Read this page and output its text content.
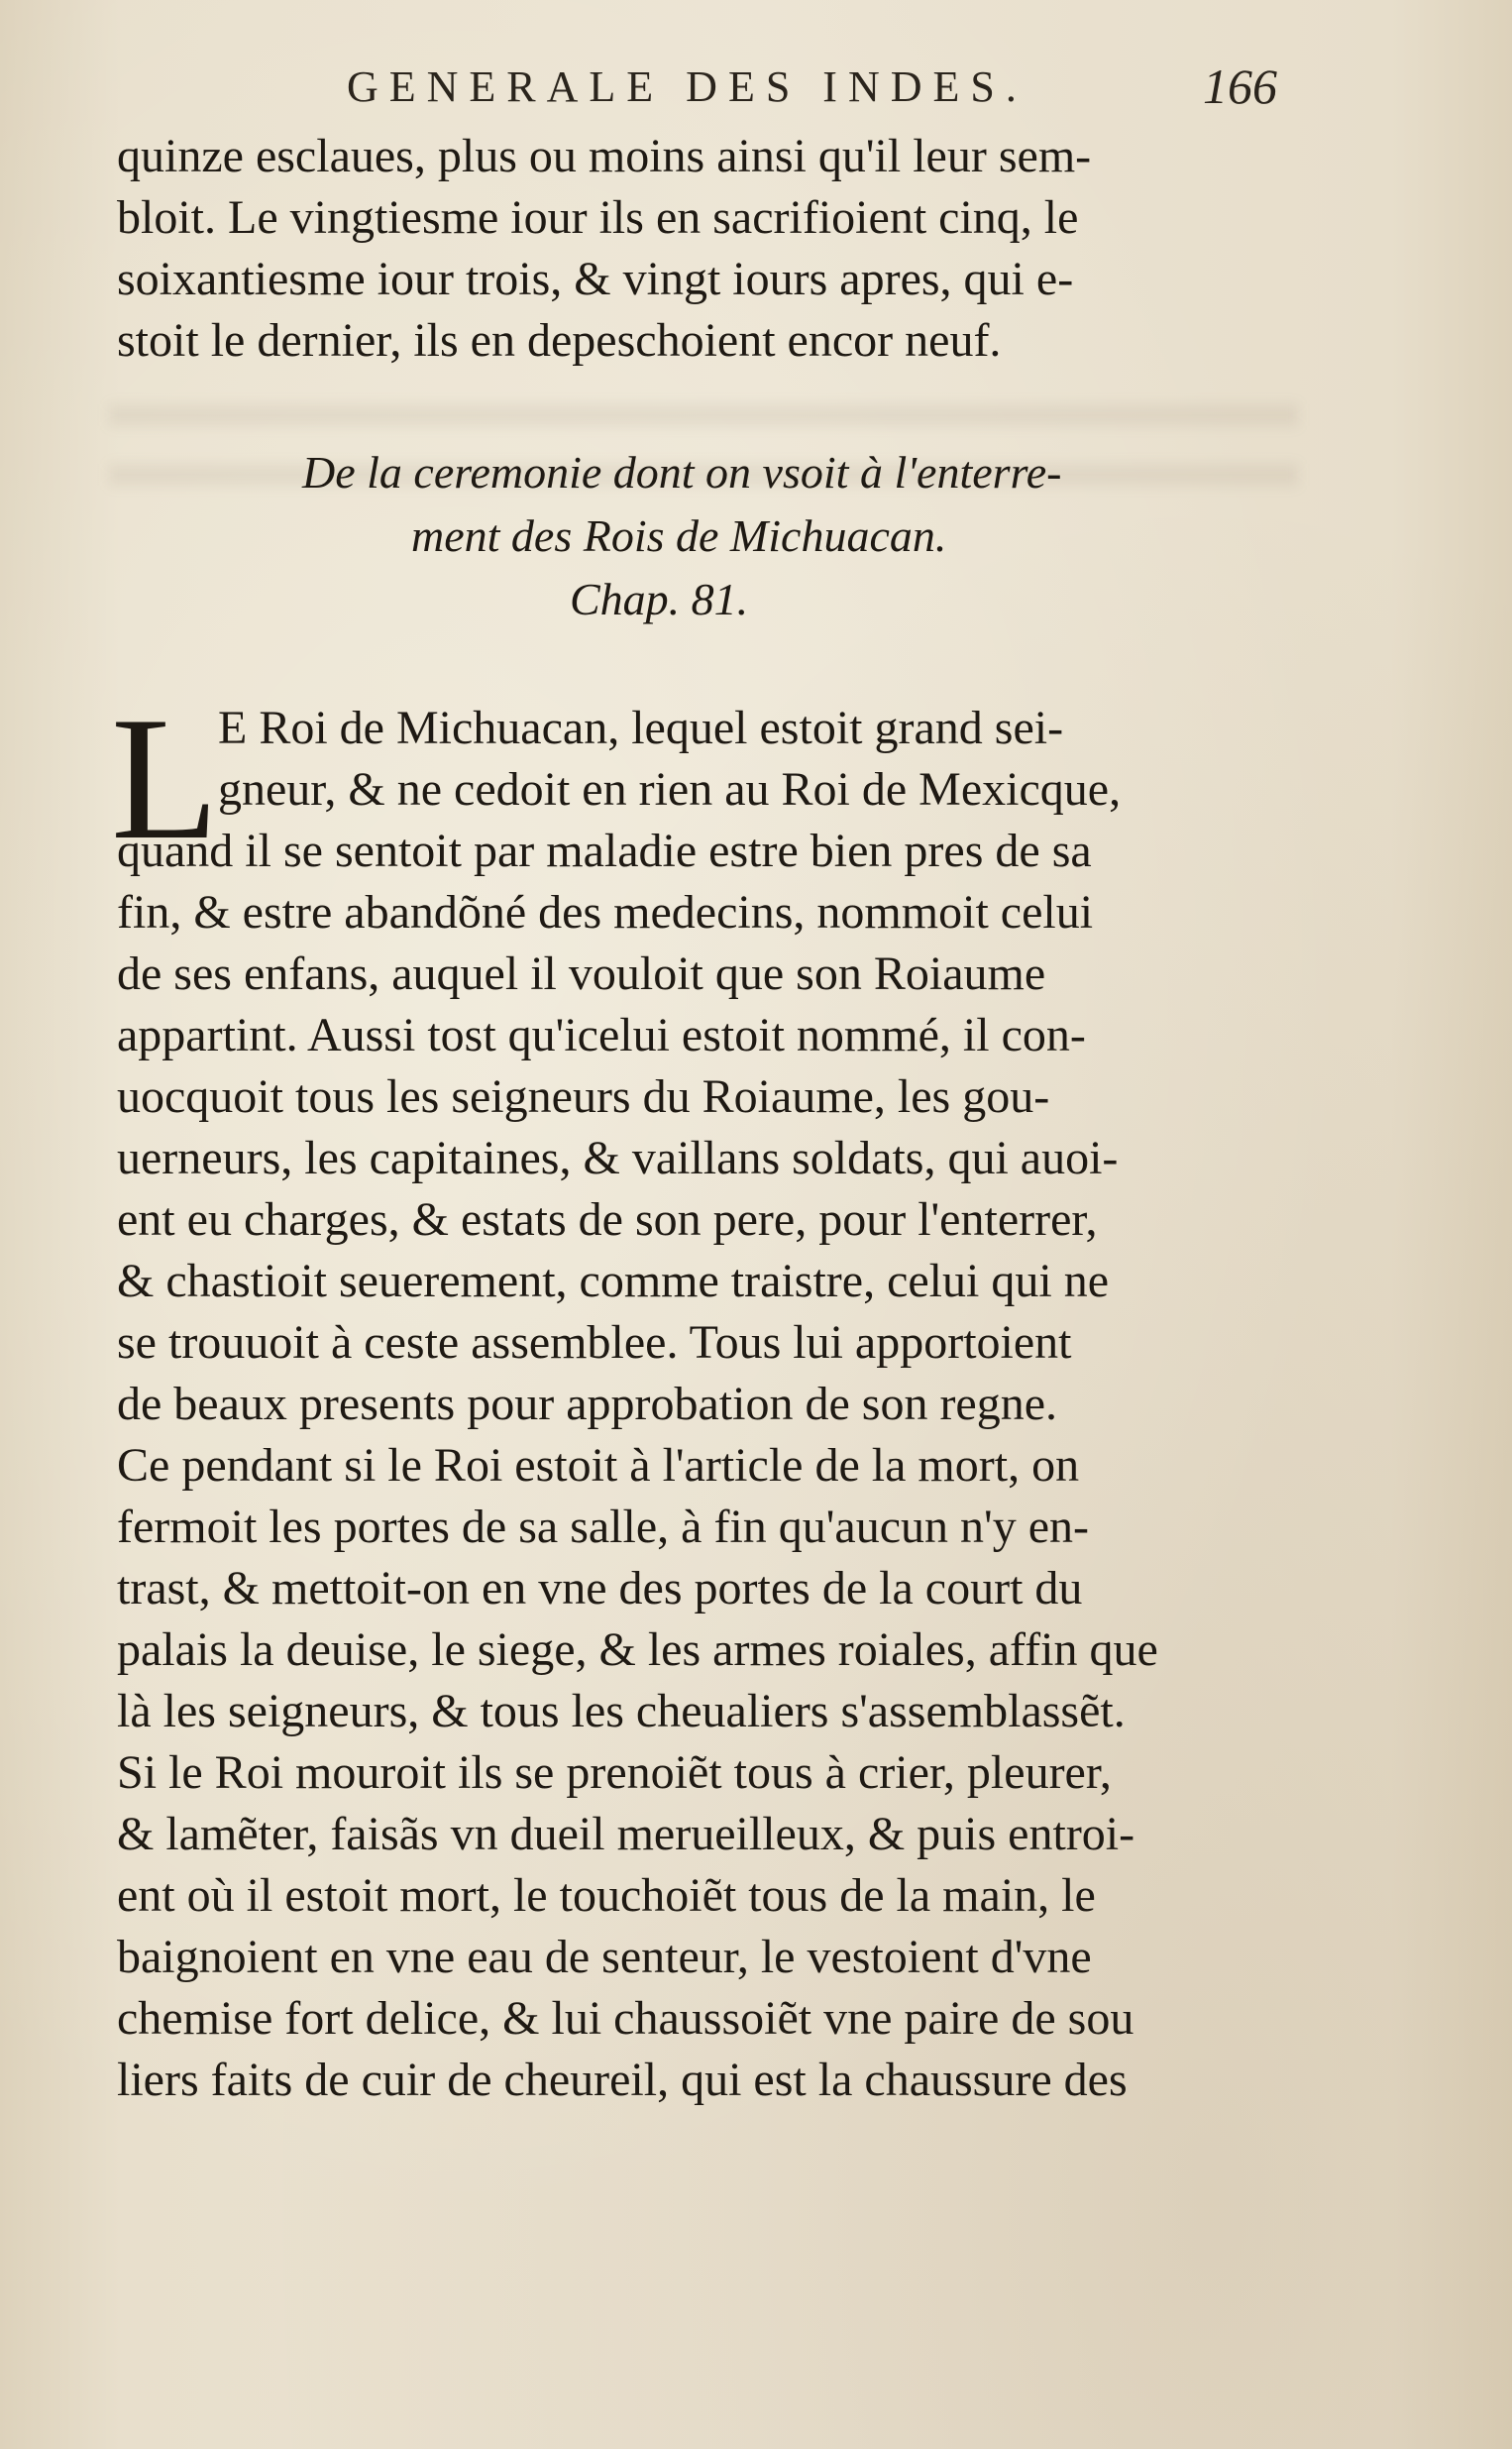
GENERALE DES INDES.	166
quinze esclaues, plus ou moins ainsi qu'il leur sem-
bloit. Le vingtiesme iour ils en sacrifioient cinq, le
soixantiesme iour trois, & vingt iours apres, qui e-
stoit le dernier, ils en depeschoient encor neuf.
De la ceremonie dont on vsoit à l'enterre-
ment des Rois de Michuacan.
Chap. 81.
L E Roi de Michuacan, lequel estoit grand sei-
gneur, & ne cedoit en rien au Roi de Mexicque,
quand il se sentoit par maladie estre bien pres de sa
fin, & estre abandõné des medecins, nommoit celui
de ses enfans, auquel il vouloit que son Roiaume
appartint. Aussi tost qu'icelui estoit nommé, il con-
uocquoit tous les seigneurs du Roiaume, les gou-
uerneurs, les capitaines, & vaillans soldats, qui auoi-
ent eu charges, & estats de son pere, pour l'enterrer,
& chastioit seuerement, comme traistre, celui qui ne
se trouuoit à ceste assemblee. Tous lui apportoient
de beaux presents pour approbation de son regne.
Ce pendant si le Roi estoit à l'article de la mort, on
fermoit les portes de sa salle, à fin qu'aucun n'y en-
trast, & mettoit-on en vne des portes de la court du
palais la deuise, le siege, & les armes roiales, affin que
là les seigneurs, & tous les cheualiers s'assemblassẽt.
Si le Roi mouroit ils se prenoiẽt tous à crier, pleurer,
& lamẽter, faisãs vn dueil merueilleux, & puis entroi-
ent où il estoit mort, le touchoiẽt tous de la main, le
baignoient en vne eau de senteur, le vestoient d'vne
chemise fort delice, & lui chaussoiẽt vne paire de sou
liers faits de cuir de cheureil, qui est la chaussure des
